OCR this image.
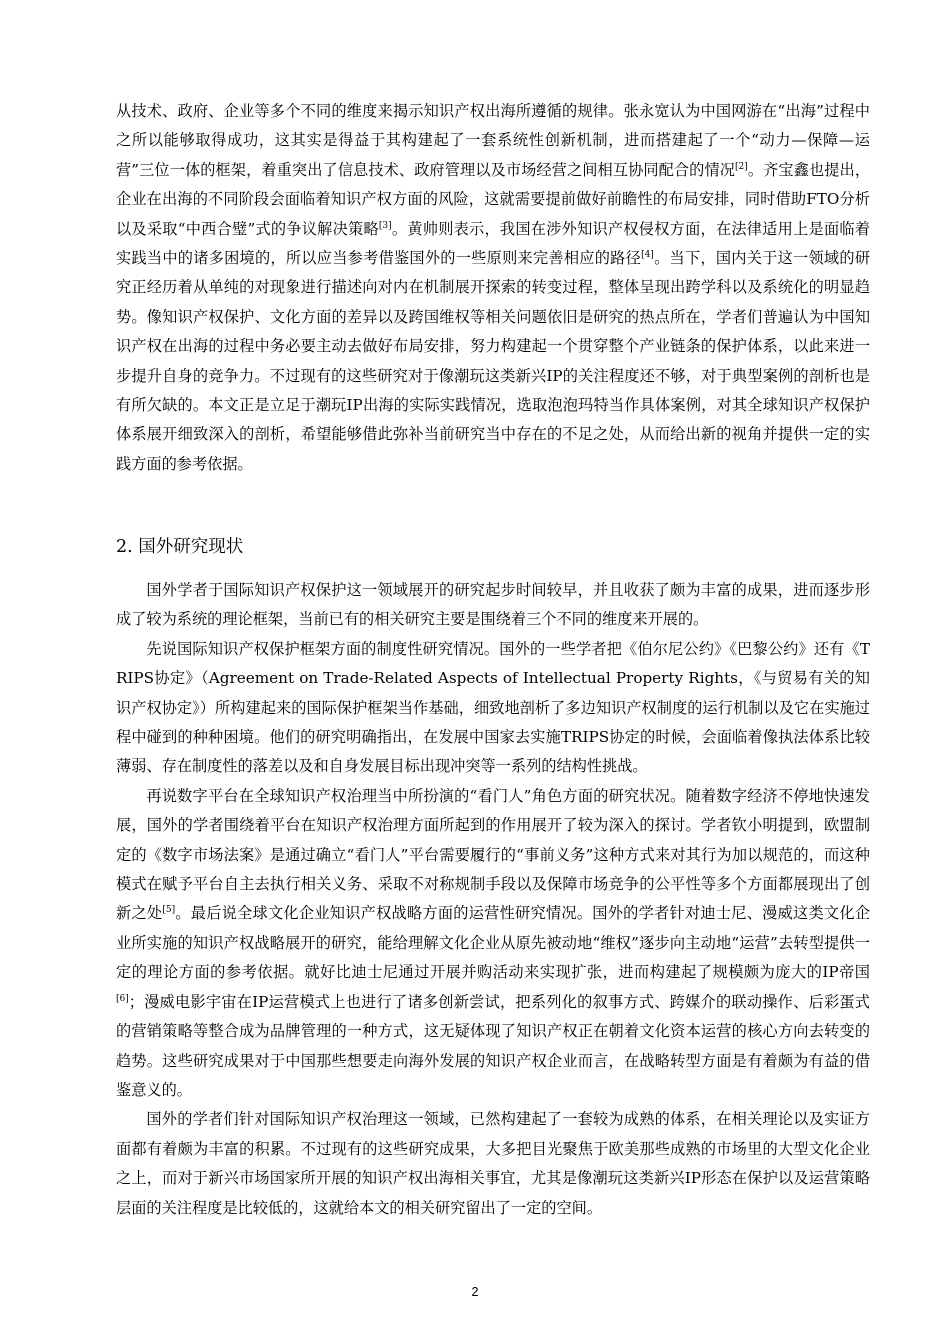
从技术、政府、企业等多个不同的维度来揭示知识产权出海所遵循的规律。张永宽认为中国网游在“出海”过程中之所以能够取得成功，这其实是得益于其构建起了一套系统性创新机制，进而搭建起了一个“动力—保障—运营”三位一体的框架，着重突出了信息技术、政府管理以及市场经营之间相互协同配合的情况[2]。齐宝鑫也提出，企业在出海的不同阶段会面临着知识产权方面的风险，这就需要提前做好前瞻性的布局安排，同时借助FTO分析以及采取“中西合璧”式的争议解决策略[3]。黄帅则表示，我国在涉外知识产权侵权方面，在法律适用上是面临着实践当中的诸多困境的，所以应当参考借鉴国外的一些原则来完善相应的路径[4]。当下，国内关于这一领域的研究正经历着从单纯的对现象进行描述向对内在机制展开探索的转变过程，整体呈现出跨学科以及系统化的明显趋势。像知识产权保护、文化方面的差异以及跨国维权等相关问题依旧是研究的热点所在，学者们普遍认为中国知识产权在出海的过程中务必要主动去做好布局安排，努力构建起一个贯穿整个产业链条的保护体系，以此来进一步提升自身的竞争力。不过现有的这些研究对于像潮玩这类新兴IP的关注程度还不够，对于典型案例的剖析也是有所欠缺的。本文正是立足于潮玩IP出海的实际实践情况，选取泡泡玛特当作具体案例，对其全球知识产权保护体系展开细致深入的剖析，希望能够借此弥补当前研究当中存在的不足之处，从而给出新的视角并提供一定的实践方面的参考依据。

2. 国外研究现状

国外学者于国际知识产权保护这一领域展开的研究起步时间较早，并且收获了颇为丰富的成果，进而逐步形成了较为系统的理论框架，当前已有的相关研究主要是围绕着三个不同的维度来开展的。

先说国际知识产权保护框架方面的制度性研究情况。国外的一些学者把《伯尔尼公约》《巴黎公约》还有《TRIPS协定》（Agreement on Trade-Related Aspects of Intellectual Property Rights，《与贸易有关的知识产权协定》）所构建起来的国际保护框架当作基础，细致地剖析了多边知识产权制度的运行机制以及它在实施过程中碰到的种种困境。他们的研究明确指出，在发展中国家去实施TRIPS协定的时候，会面临着像执法体系比较薄弱、存在制度性的落差以及和自身发展目标出现冲突等一系列的结构性挑战。

再说数字平台在全球知识产权治理当中所扮演的“看门人”角色方面的研究状况。随着数字经济不停地快速发展，国外的学者围绕着平台在知识产权治理方面所起到的作用展开了较为深入的探讨。学者钦小明提到，欧盟制定的《数字市场法案》是通过确立“看门人”平台需要履行的“事前义务”这种方式来对其行为加以规范的，而这种模式在赋予平台自主去执行相关义务、采取不对称规制手段以及保障市场竞争的公平性等多个方面都展现出了创新之处[5]。最后说全球文化企业知识产权战略方面的运营性研究情况。国外的学者针对迪士尼、漫威这类文化企业所实施的知识产权战略展开的研究，能给理解文化企业从原先被动地“维权”逐步向主动地“运营”去转型提供一定的理论方面的参考依据。就好比迪士尼通过开展并购活动来实现扩张，进而构建起了规模颇为庞大的IP帝国[6]；漫威电影宇宙在IP运营模式上也进行了诸多创新尝试，把系列化的叙事方式、跨媒介的联动操作、后彩蛋式的营销策略等整合成为品牌管理的一种方式，这无疑体现了知识产权正在朝着文化资本运营的核心方向去转变的趋势。这些研究成果对于中国那些想要走向海外发展的知识产权企业而言，在战略转型方面是有着颇为有益的借鉴意义的。

国外的学者们针对国际知识产权治理这一领域，已然构建起了一套较为成熟的体系，在相关理论以及实证方面都有着颇为丰富的积累。不过现有的这些研究成果，大多把目光聚焦于欧美那些成熟的市场里的大型文化企业之上，而对于新兴市场国家所开展的知识产权出海相关事宜，尤其是像潮玩这类新兴IP形态在保护以及运营策略层面的关注程度是比较低的，这就给本文的相关研究留出了一定的空间。

2
